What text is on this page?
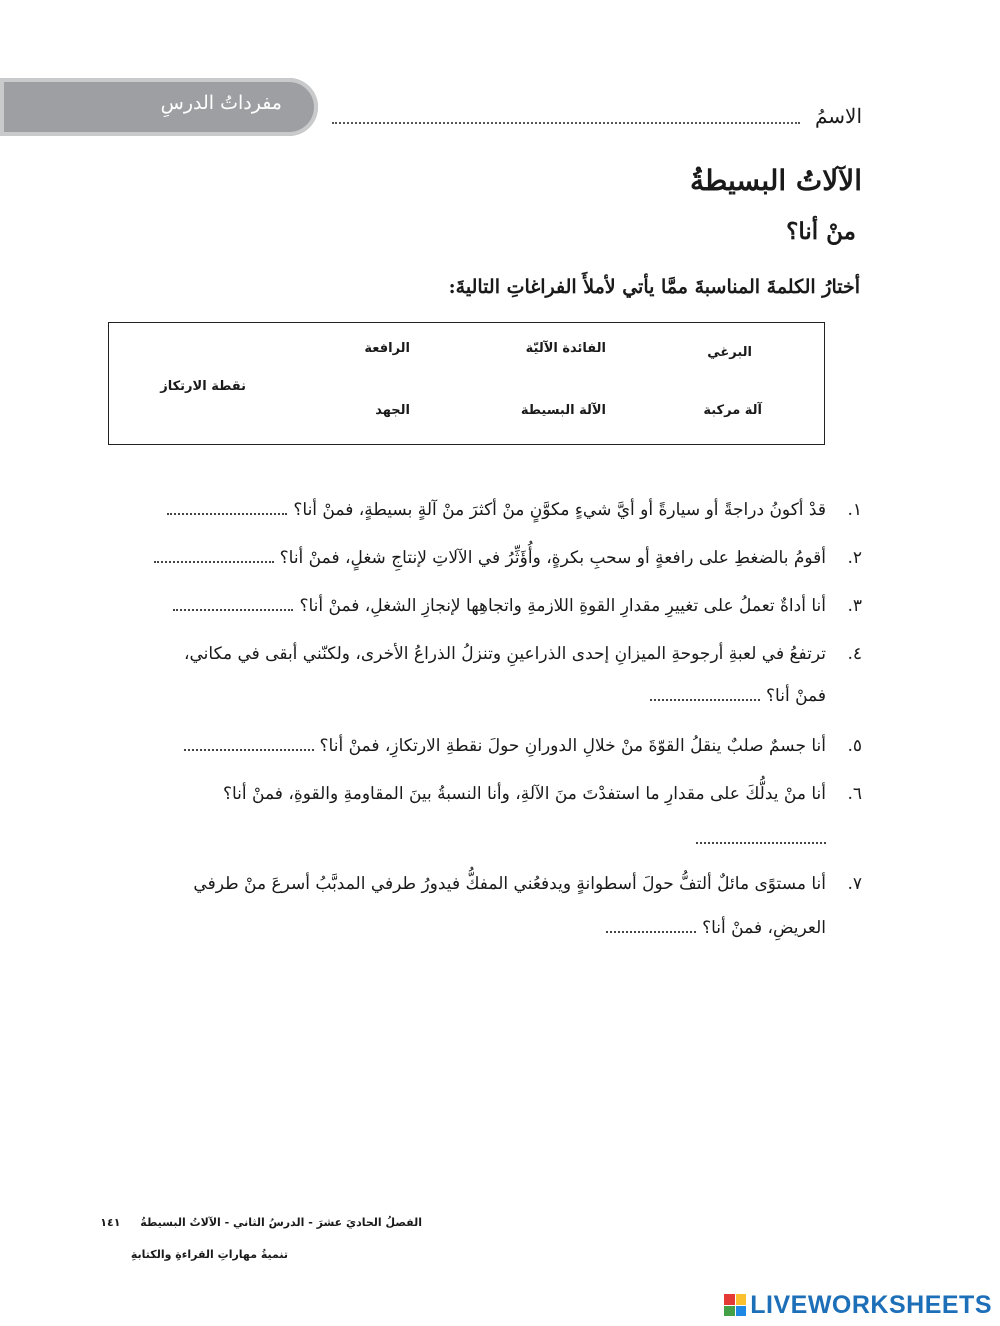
مفرداتُ الدرسِ
الاسمُ
الآلاتُ البسيطةُ
منْ أنا؟
أختارُ الكلمةَ المناسبةَ ممَّا يأتي لأملأَ الفراغاتِ التاليةَ:
البرغي
الفائدة الآليّة
الرافعة
نقطة الارتكاز
آلة مركبة
الآلة البسيطة
الجهد
١.قدْ أكونُ دراجةً أو سيارةً أو أيَّ شيءٍ مكوَّنٍ منْ أكثرَ منْ آلةٍ بسيطةٍ، فمنْ أنا؟
٢.أقومُ بالضغطِ على رافعةٍ أو سحبِ بكرةٍ، وأُؤَثِّرُ في الآلاتِ لإنتاجِ شغلٍ، فمنْ أنا؟
٣.أنا أداةٌ تعملُ على تغييرِ مقدارِ القوةِ اللازمةِ واتجاهِها لإنجازِ الشغلِ، فمنْ أنا؟
٤.ترتفعُ في لعبةِ أرجوحةِ الميزانِ إحدى الذراعينِ وتنزلُ الذراعُ الأخرى، ولكنّني أبقى في مكاني،
فمنْ أنا؟
٥.أنا جسمٌ صلبٌ ينقلُ القوّةَ منْ خلالِ الدورانِ حولَ نقطةِ الارتكازِ، فمنْ أنا؟
٦.أنا منْ يدلُّكَ على مقدارِ ما استفدْتَ منَ الآلةِ، وأنا النسبةُ بينَ المقاومةِ والقوةِ، فمنْ أنا؟
٧.أنا مستوًى مائلٌ ألتفُّ حولَ أسطوانةٍ ويدفعُني المفكُّ فيدورُ طرفي المدبَّبُ أسرعَ منْ طرفي
العريضِ، فمنْ أنا؟
الفصلُ الحاديَ عشرَ - الدرسُ الثاني - الآلاتُ البسيطةُ ١٤١
تنميةُ مهاراتِ القراءةِ والكتابةِ
LIVEWORKSHEETS
